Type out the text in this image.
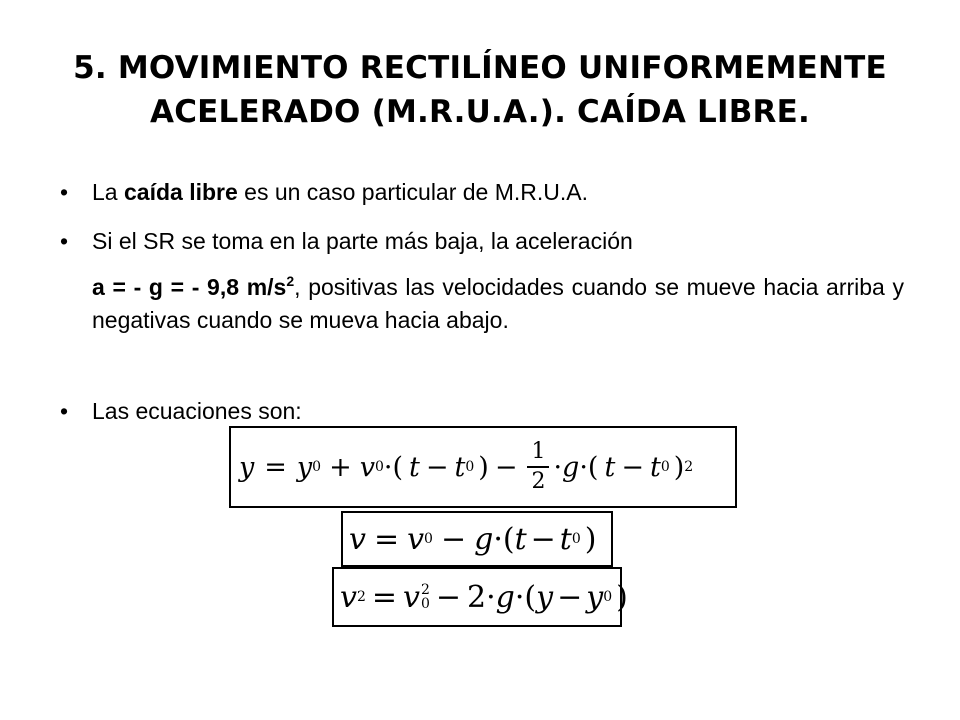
5. MOVIMIENTO RECTILÍNEO UNIFORMEMENTE
ACELERADO (M.R.U.A.). CAÍDA LIBRE.
•	La caída libre es un caso particular de M.R.U.A.
•	Si el SR se toma en la parte más baja, la aceleración
a = - g = - 9,8 $m/s^2$, positivas las velocidades cuando se mueve hacia arriba y negativas cuando se mueva hacia abajo.
•	Las ecuaciones son:
y = y 0 + v 0 ·( t − t 0 ) − $\frac{1}{2} \cdot g$ ·( t − t 0 ) 2
v = v 0 − g ·( t − t 0 )
v 2 = v 2
0 − 2 · g ·( y − y 0 )
